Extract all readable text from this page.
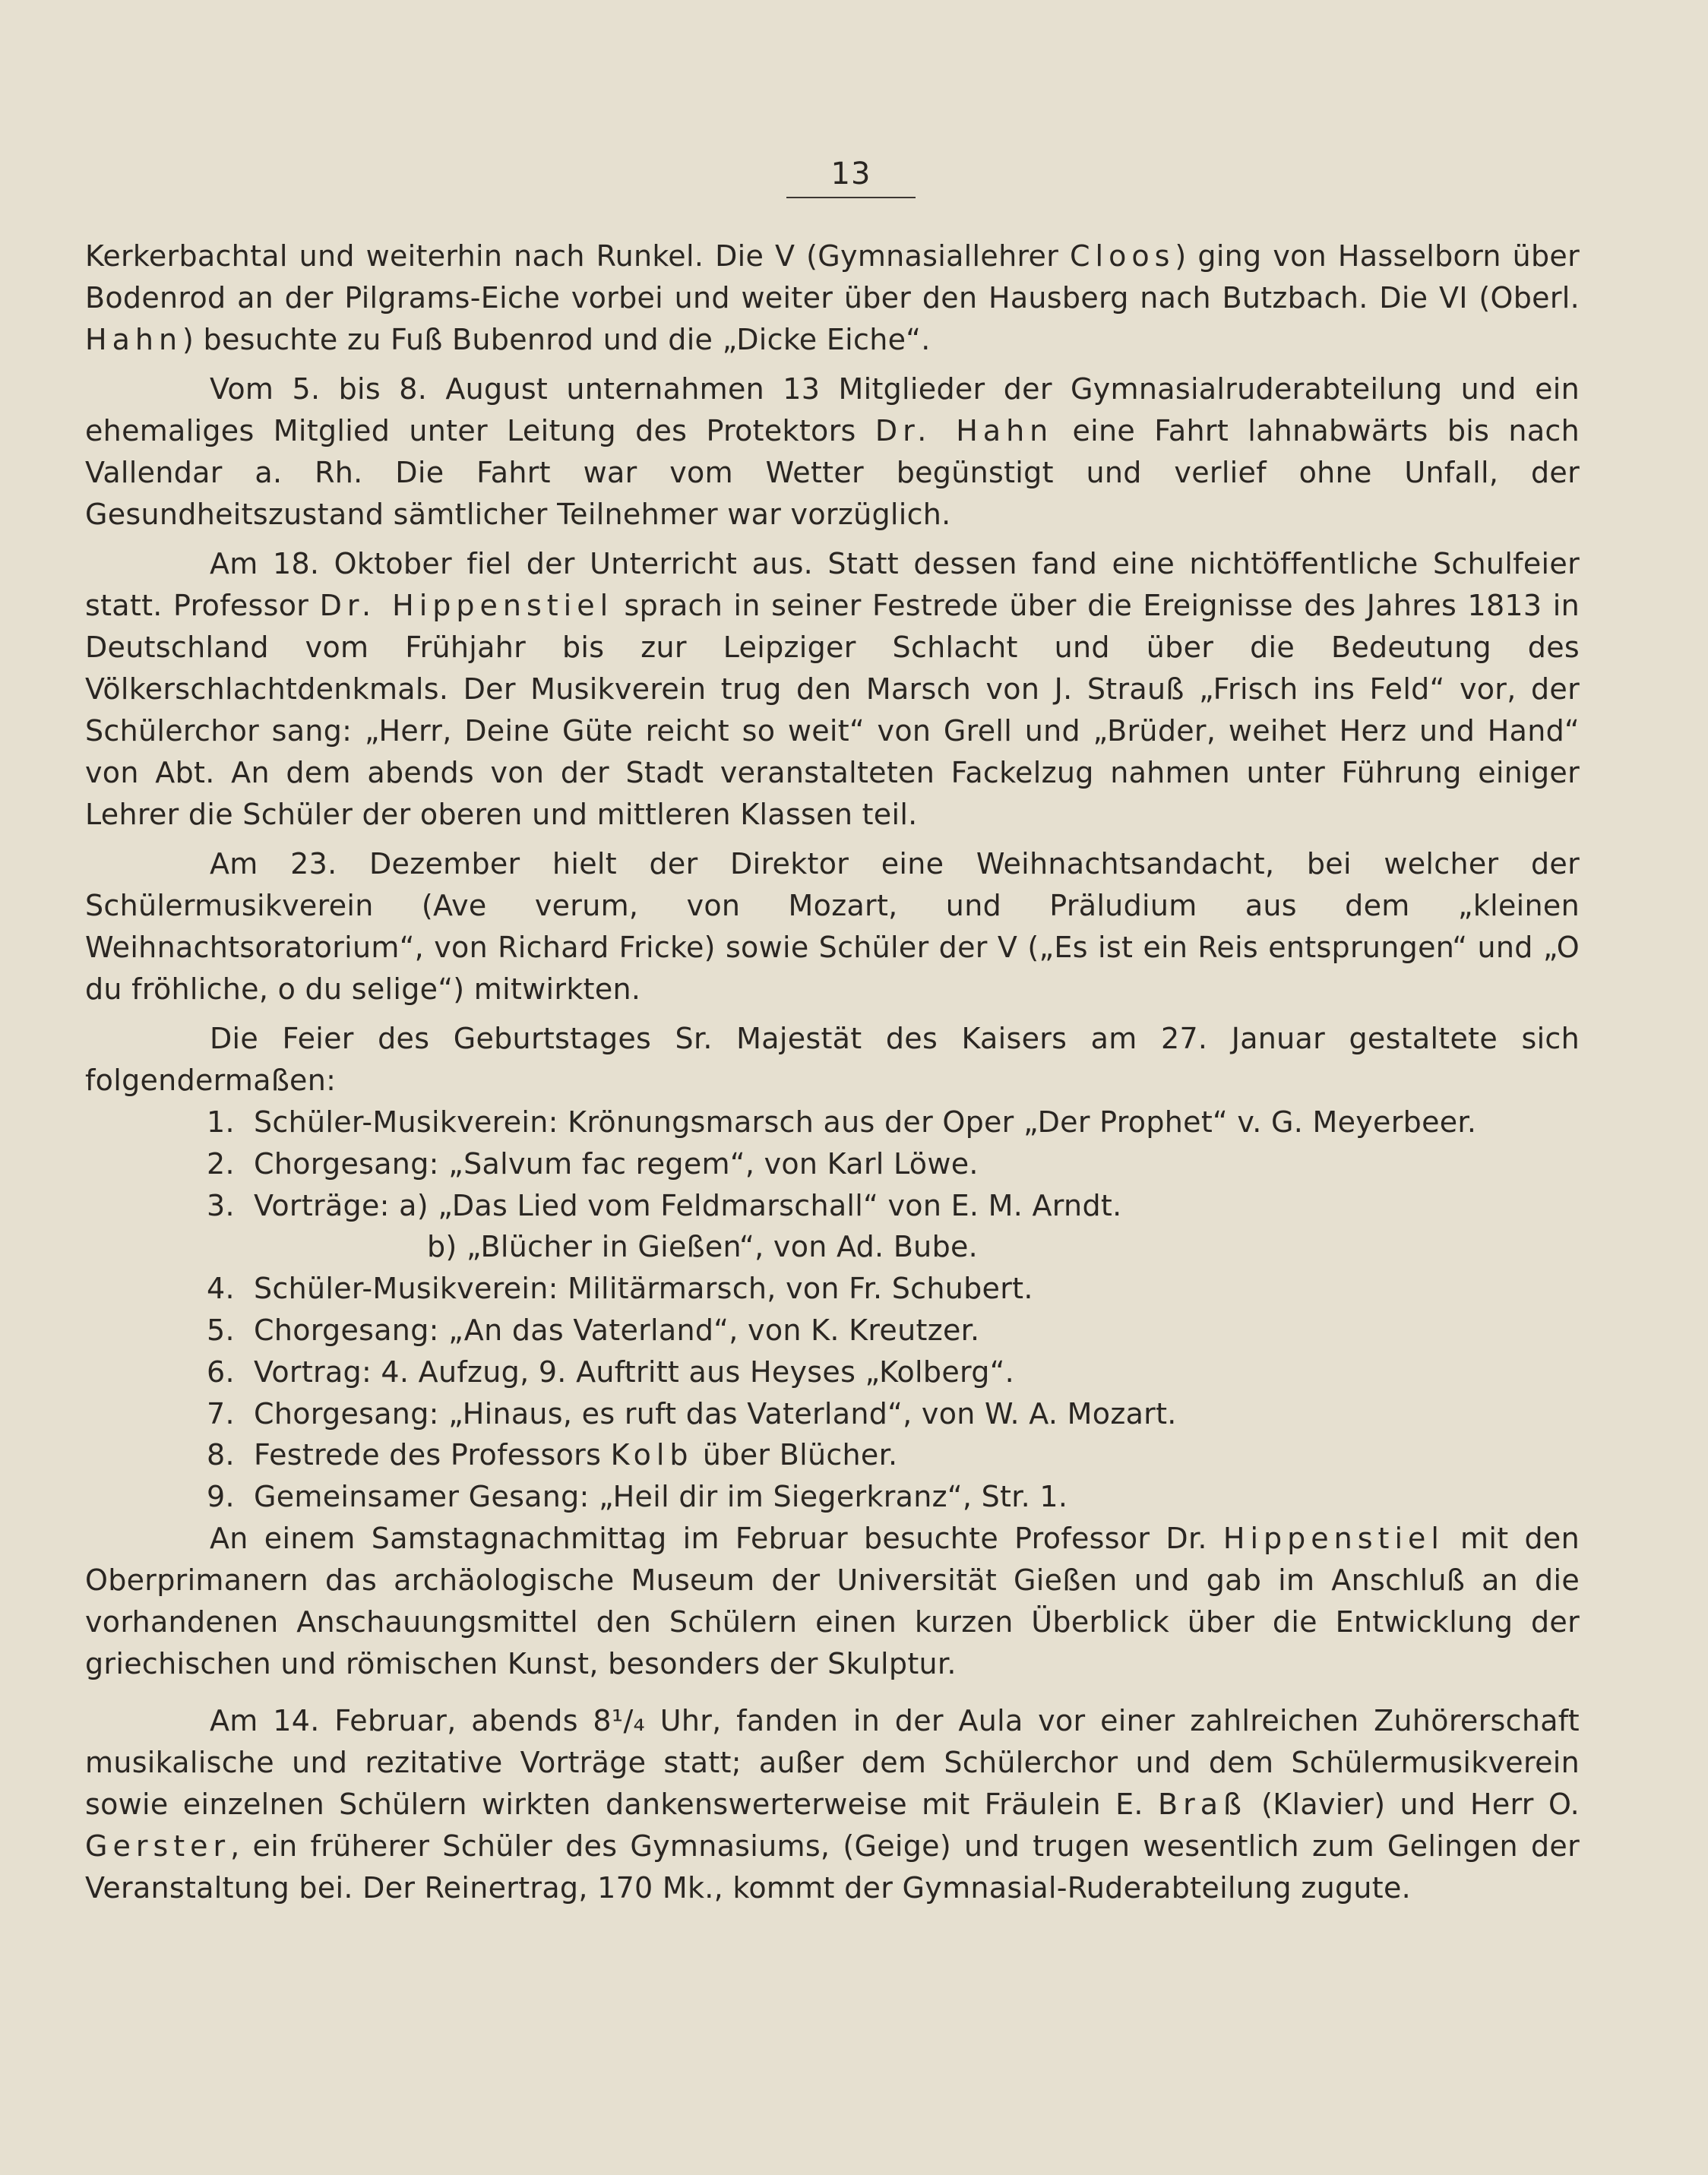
13

Kerkerbachtal und weiterhin nach Runkel. Die V (Gymnasiallehrer Cloos) ging von Hasselborn über Bodenrod an der Pilgrams-Eiche vorbei und weiter über den Hausberg nach Butzbach. Die VI (Oberl. Hahn) besuchte zu Fuß Bubenrod und die „Dicke Eiche“.

Vom 5. bis 8. August unternahmen 13 Mitglieder der Gymnasialruderabteilung und ein ehemaliges Mitglied unter Leitung des Protektors Dr. Hahn eine Fahrt lahnabwärts bis nach Vallendar a. Rh. Die Fahrt war vom Wetter begünstigt und verlief ohne Unfall, der Gesundheitszustand sämtlicher Teilnehmer war vorzüglich.

Am 18. Oktober fiel der Unterricht aus. Statt dessen fand eine nichtöffentliche Schulfeier statt. Professor Dr. Hippenstiel sprach in seiner Festrede über die Ereignisse des Jahres 1813 in Deutschland vom Frühjahr bis zur Leipziger Schlacht und über die Bedeutung des Völkerschlachtdenkmals. Der Musikverein trug den Marsch von J. Strauß „Frisch ins Feld“ vor, der Schülerchor sang: „Herr, Deine Güte reicht so weit“ von Grell und „Brüder, weihet Herz und Hand“ von Abt. An dem abends von der Stadt veranstalteten Fackelzug nahmen unter Führung einiger Lehrer die Schüler der oberen und mittleren Klassen teil.

Am 23. Dezember hielt der Direktor eine Weihnachtsandacht, bei welcher der Schülermusikverein (Ave verum, von Mozart, und Präludium aus dem „kleinen Weihnachtsoratorium“, von Richard Fricke) sowie Schüler der V („Es ist ein Reis entsprungen“ und „O du fröhliche, o du selige“) mitwirkten.

Die Feier des Geburtstages Sr. Majestät des Kaisers am 27. Januar gestaltete sich folgendermaßen:

1. Schüler-Musikverein: Krönungsmarsch aus der Oper „Der Prophet“ v. G. Meyerbeer.
2. Chorgesang: „Salvum fac regem“, von Karl Löwe.
3. Vorträge: a) „Das Lied vom Feldmarschall“ von E. M. Arndt.
b) „Blücher in Gießen“, von Ad. Bube.
4. Schüler-Musikverein: Militärmarsch, von Fr. Schubert.
5. Chorgesang: „An das Vaterland“, von K. Kreutzer.
6. Vortrag: 4. Aufzug, 9. Auftritt aus Heyses „Kolberg“.
7. Chorgesang: „Hinaus, es ruft das Vaterland“, von W. A. Mozart.
8. Festrede des Professors Kolb über Blücher.
9. Gemeinsamer Gesang: „Heil dir im Siegerkranz“, Str. 1.

An einem Samstagnachmittag im Februar besuchte Professor Dr. Hippenstiel mit den Oberprimanern das archäologische Museum der Universität Gießen und gab im Anschluß an die vorhandenen Anschauungsmittel den Schülern einen kurzen Überblick über die Entwicklung der griechischen und römischen Kunst, besonders der Skulptur.

Am 14. Februar, abends 8¹/₄ Uhr, fanden in der Aula vor einer zahlreichen Zuhörerschaft musikalische und rezitative Vorträge statt; außer dem Schülerchor und dem Schülermusikverein sowie einzelnen Schülern wirkten dankenswerterweise mit Fräulein E. Braß (Klavier) und Herr O. Gerster, ein früherer Schüler des Gymnasiums, (Geige) und trugen wesentlich zum Gelingen der Veranstaltung bei. Der Reinertrag, 170 Mk., kommt der Gymnasial-Ruderabteilung zugute.
